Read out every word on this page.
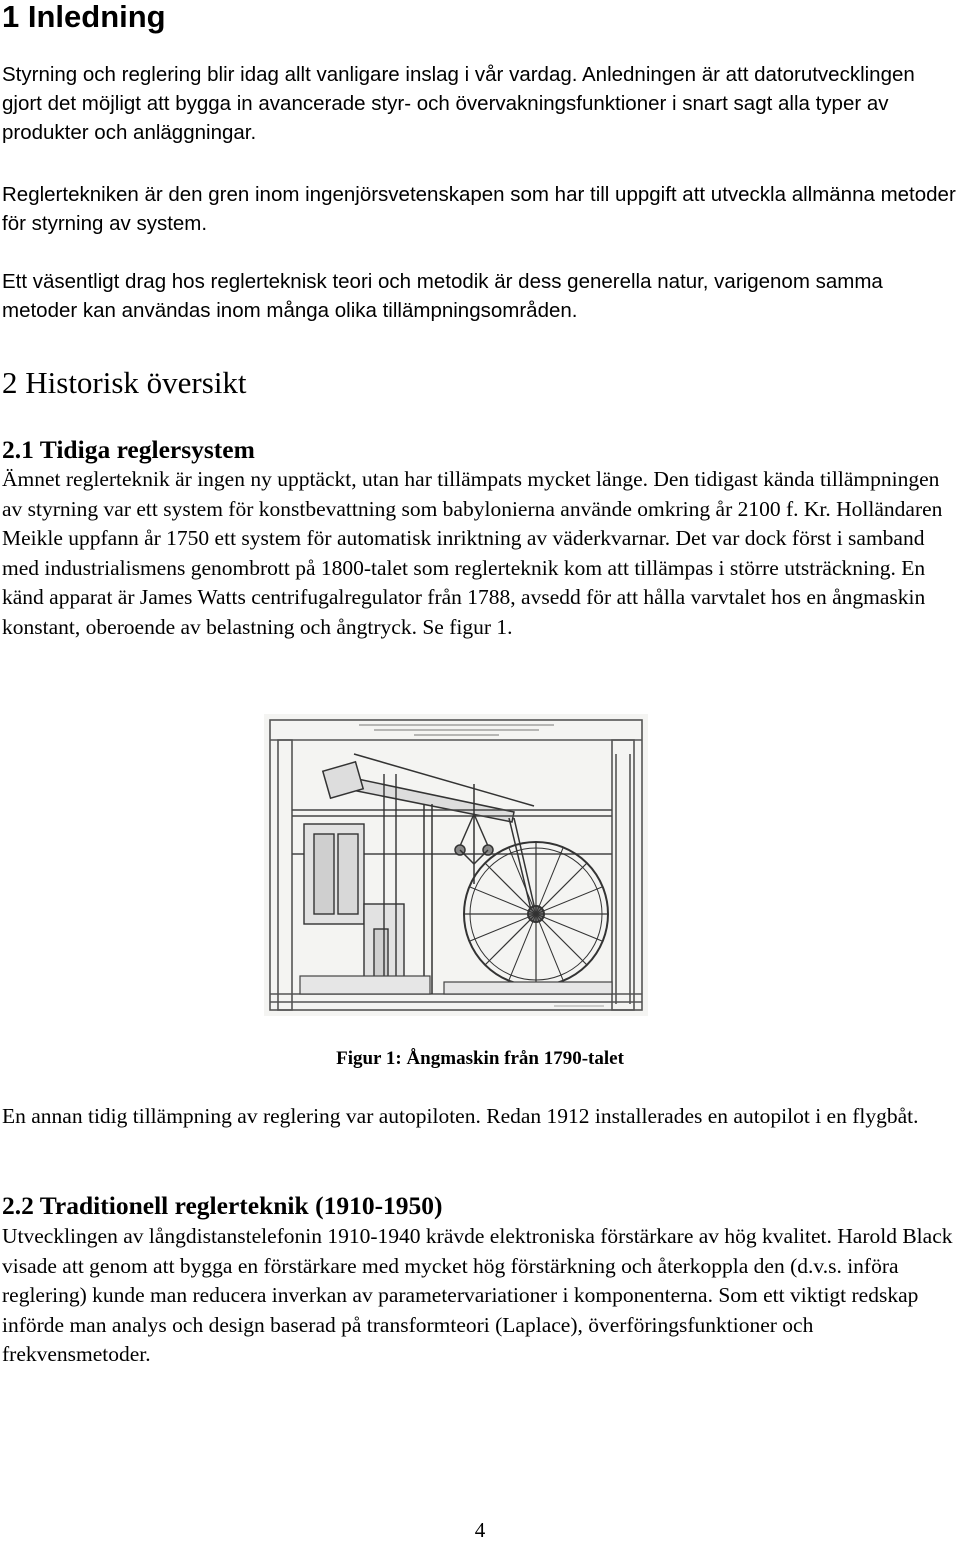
1 Inledning

Styrning och reglering blir idag allt vanligare inslag i vår vardag. Anledningen är att datorutvecklingen gjort det möjligt att bygga in avancerade styr- och övervakningsfunktioner i snart sagt alla typer av produkter och anläggningar.

Reglertekniken är den gren inom ingenjörsvetenskapen som har till uppgift att utveckla allmänna metoder för styrning av system.

Ett väsentligt drag hos reglerteknisk teori och metodik är dess generella natur, varigenom samma metoder kan användas inom många olika tillämpningsområden.

2 Historisk översikt
2.1 Tidiga reglersystem

Ämnet reglerteknik är ingen ny upptäckt, utan har tillämpats mycket länge. Den tidigast kända tillämpningen av styrning var ett system för konstbevattning som babylonierna använde omkring år 2100 f. Kr. Holländaren Meikle uppfann år 1750 ett system för automatisk inriktning av väderkvarnar. Det var dock först i samband med industrialismens genombrott på 1800-talet som reglerteknik kom att tillämpas i större utsträckning. En känd apparat är James Watts centrifugalregulator från 1788, avsedd för att hålla varvtalet hos en ångmaskin konstant, oberoende av belastning och ångtryck. Se figur 1.

Figur 1: Ångmaskin från 1790-talet

En annan tidig tillämpning av reglering var autopiloten. Redan 1912 installerades en autopilot i en flygbåt.

2.2 Traditionell reglerteknik (1910-1950)

Utvecklingen av långdistanstelefonin 1910-1940 krävde elektroniska förstärkare av hög kvalitet. Harold Black visade att genom att bygga en förstärkare med mycket hög förstärkning och återkoppla den (d.v.s. införa reglering) kunde man reducera inverkan av parametervariationer i komponenterna. Som ett viktigt redskap införde man analys och design baserad på transformteori (Laplace), överföringsfunktioner och frekvensmetoder.

4
